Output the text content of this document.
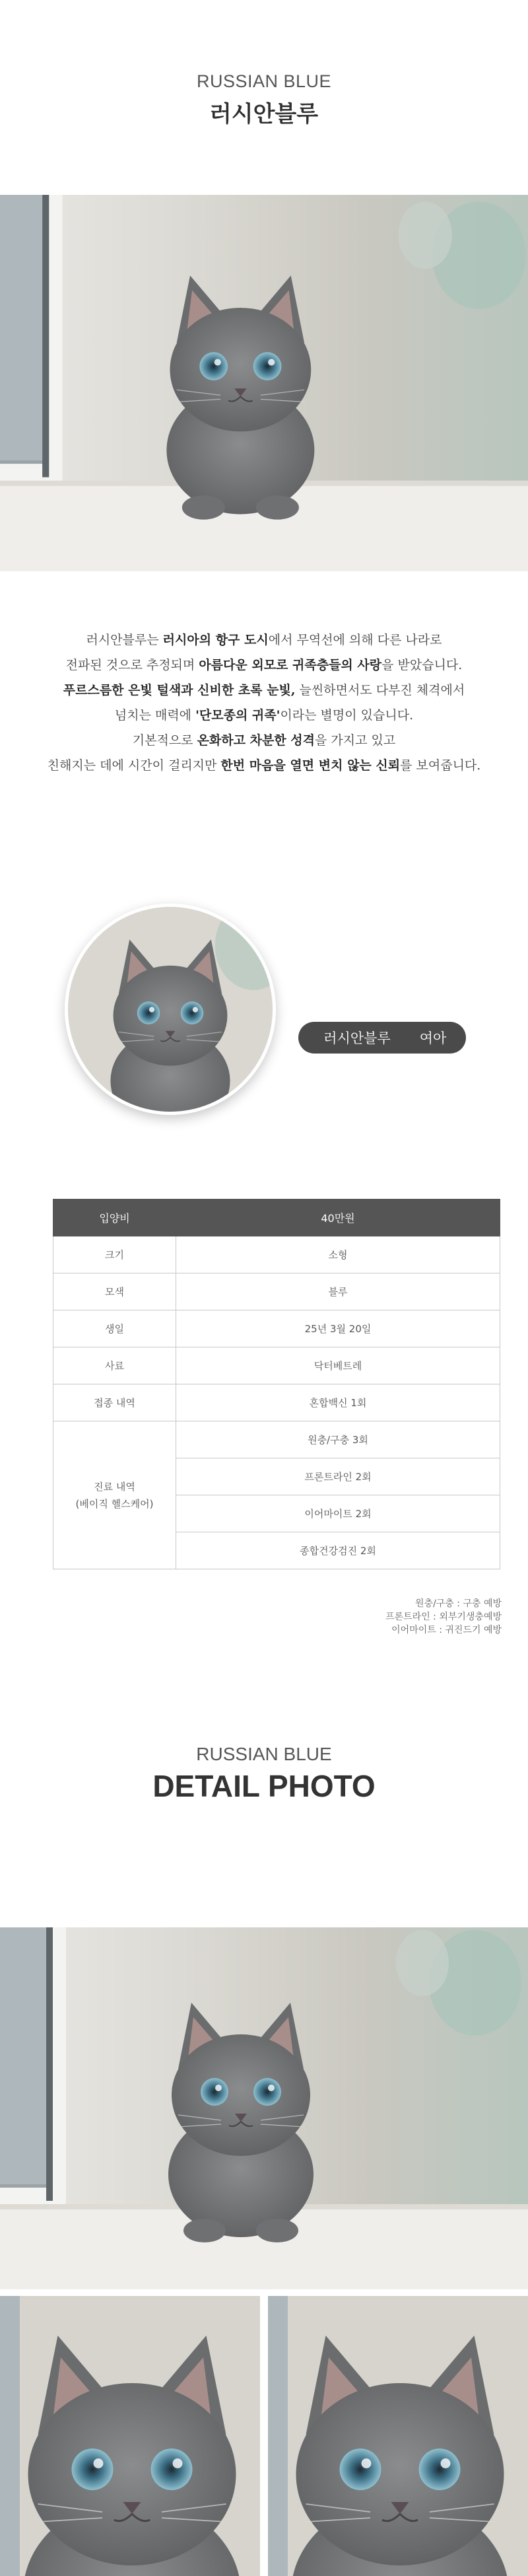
RUSSIAN BLUE
러시안블루
러시안블루는 러시아의 항구 도시에서 무역선에 의해 다른 나라로
전파된 것으로 추정되며 아름다운 외모로 귀족층들의 사랑을 받았습니다.
푸르스름한 은빛 털색과 신비한 초록 눈빛, 늘씬하면서도 다부진 체격에서
넘치는 매력에 '단모종의 귀족'이라는 별명이 있습니다.
기본적으로 온화하고 차분한 성격을 가지고 있고
친해지는 데에 시간이 걸리지만 한번 마음을 열면 변치 않는 신뢰를 보여줍니다.
러시안블루	여아
입양비	40만원
크기	소형
모색	블루
생일	25년 3월 20일
사료	닥터베트레
접종 내역	혼합백신 1회

진료 내역
(베이직 헬스케어)	원충/구충 3회
	프론트라인 2회
	이어마이트 2회
	종합건강검진 2회
원충/구충 : 구충 예방
프론트라인 : 외부기생충예방
이어마이트 : 귀진드기 예방
RUSSIAN BLUE
DETAIL PHOTO
